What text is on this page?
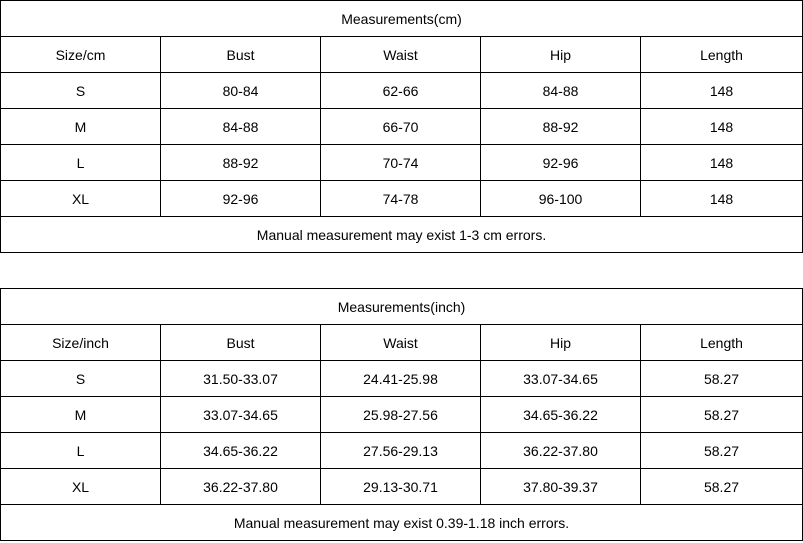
Measurements(cm)				
Size/cm	Bust	Waist	Hip	Length
S	80-84	62-66	84-88	148
M	84-88	66-70	88-92	148
L	88-92	70-74	92-96	148
XL	92-96	74-78	96-100	148
Manual measurement may exist 1-3 cm errors.				
Measurements(inch)				
Size/inch	Bust	Waist	Hip	Length
S	31.50-33.07	24.41-25.98	33.07-34.65	58.27
M	33.07-34.65	25.98-27.56	34.65-36.22	58.27
L	34.65-36.22	27.56-29.13	36.22-37.80	58.27
XL	36.22-37.80	29.13-30.71	37.80-39.37	58.27
Manual measurement may exist 0.39-1.18 inch errors.				
